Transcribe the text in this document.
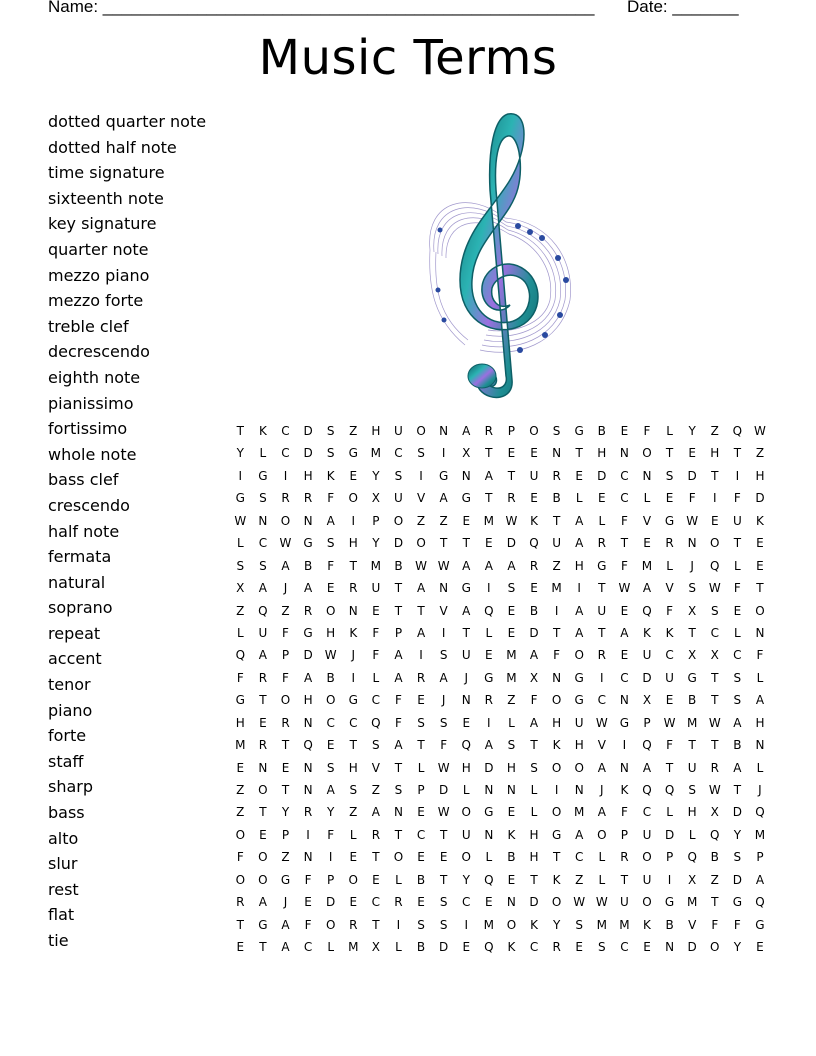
Name: ____________________________________________________ Date: _______
Music Terms
dotted quarter note
dotted half note
time signature
sixteenth note
key signature
quarter note
mezzo piano
mezzo forte
treble clef
decrescendo
eighth note
pianissimo
fortissimo
whole note
bass clef
crescendo
half note
fermata
natural
soprano
repeat
accent
tenor
piano
forte
staff
sharp
bass
alto
slur
rest
flat
tie
T	K	C	D	S	Z	H	U	O	N	A	R	P	O	S	G	B	E	F	L	Y	Z	Q W
Y	L	C	D	S	G	M	C	S	I	X	T	E	E	N	T	H	N	O	T	E	H	T	Z
I	G	I	H	K	E	Y	S	I	G	N	A	T	U	R	E	D	C	N	S	D	T	I	H
G	S	R	R	F	O	X	U	V	A	G	T	R	E	B	L	E	C	L	E	F	I	F	D
W	N	O	N	A	I	P	O	Z	Z	E	M W	K	T	A	L	F	V	G	W	E	U	K
L	C	W	G	S	H	Y	D	O	T	T	E	D	Q	U	A	R	T	E	R	N	O	T	E
S	S	A	B	F	T	M	B	W W	A	A	A	R	Z	H	G	F	M	L	J	Q	L	E
X	A	J	A	E	R	U	T	A	N	G	I	S	E	M	I	T	W	A	V	S	W	F	T
Z	Q	Z	R	O	N	E	T	T	V	A	Q	E	B	I	A	U	E	Q	F	X	S	E	O
L	U	F	G	H	K	F	P	A	I	T	L	E	D	T	A	T	A	K	K	T	C	L	N
Q	A	P	D	W	J	F	A	I	S	U	E	M	A	F	O	R	E	U	C	X	X	C	F
F	R	F	A	B	I	L	A	R	A	J	G	M	X	N	G	I	C	D	U	G	T	S	L
G	T	O	H	O	G	C	F	E	J	N	R	Z	F	O	G	C	N	X	E	B	T	S	A
H	E	R	N	C	C	Q	F	S	S	E	I	L	A	H	U	W	G	P	W M W	A	H
M	R	T	Q	E	T	S	A	T	F	Q	A	S	T	K	H	V	I	Q	F	T	T	B	N
E	N	E	N	S	H	V	T	L	W	H	D	H	S	O	O	A	N	A	T	U	R	A	L
Z	O	T	N	A	S	Z	S	P	D	L	N	N	L	I	N	J	K	Q	Q	S	W	T	J
Z	T	Y	R	Y	Z	A	N	E	W O	G	E	L	O	M	A	F	C	L	H	X	D	Q
O	E	P	I	F	L	R	T	C	T	U	N	K	H	G	A	O	P	U	D	L	Q	Y	M
F	O	Z	N	I	E	T	O	E	E	O	L	B	H	T	C	L	R	O	P	Q	B	S	P
O	O	G	F	P	O	E	L	B	T	Y	Q	E	T	K	Z	L	T	U	I	X	Z	D	A
R	A	J	E	D	E	C	R	E	S	C	E	N	D	O W W	U	O	G	M	T	G	Q
T	G	A	F	O	R	T	I	S	S	I	M	O	K	Y	S	M	M	K	B	V	F	F	G
E	T	A	C	L	M	X	L	B	D	E	Q	K	C	R	E	S	C	E	N	D	O	Y	E
